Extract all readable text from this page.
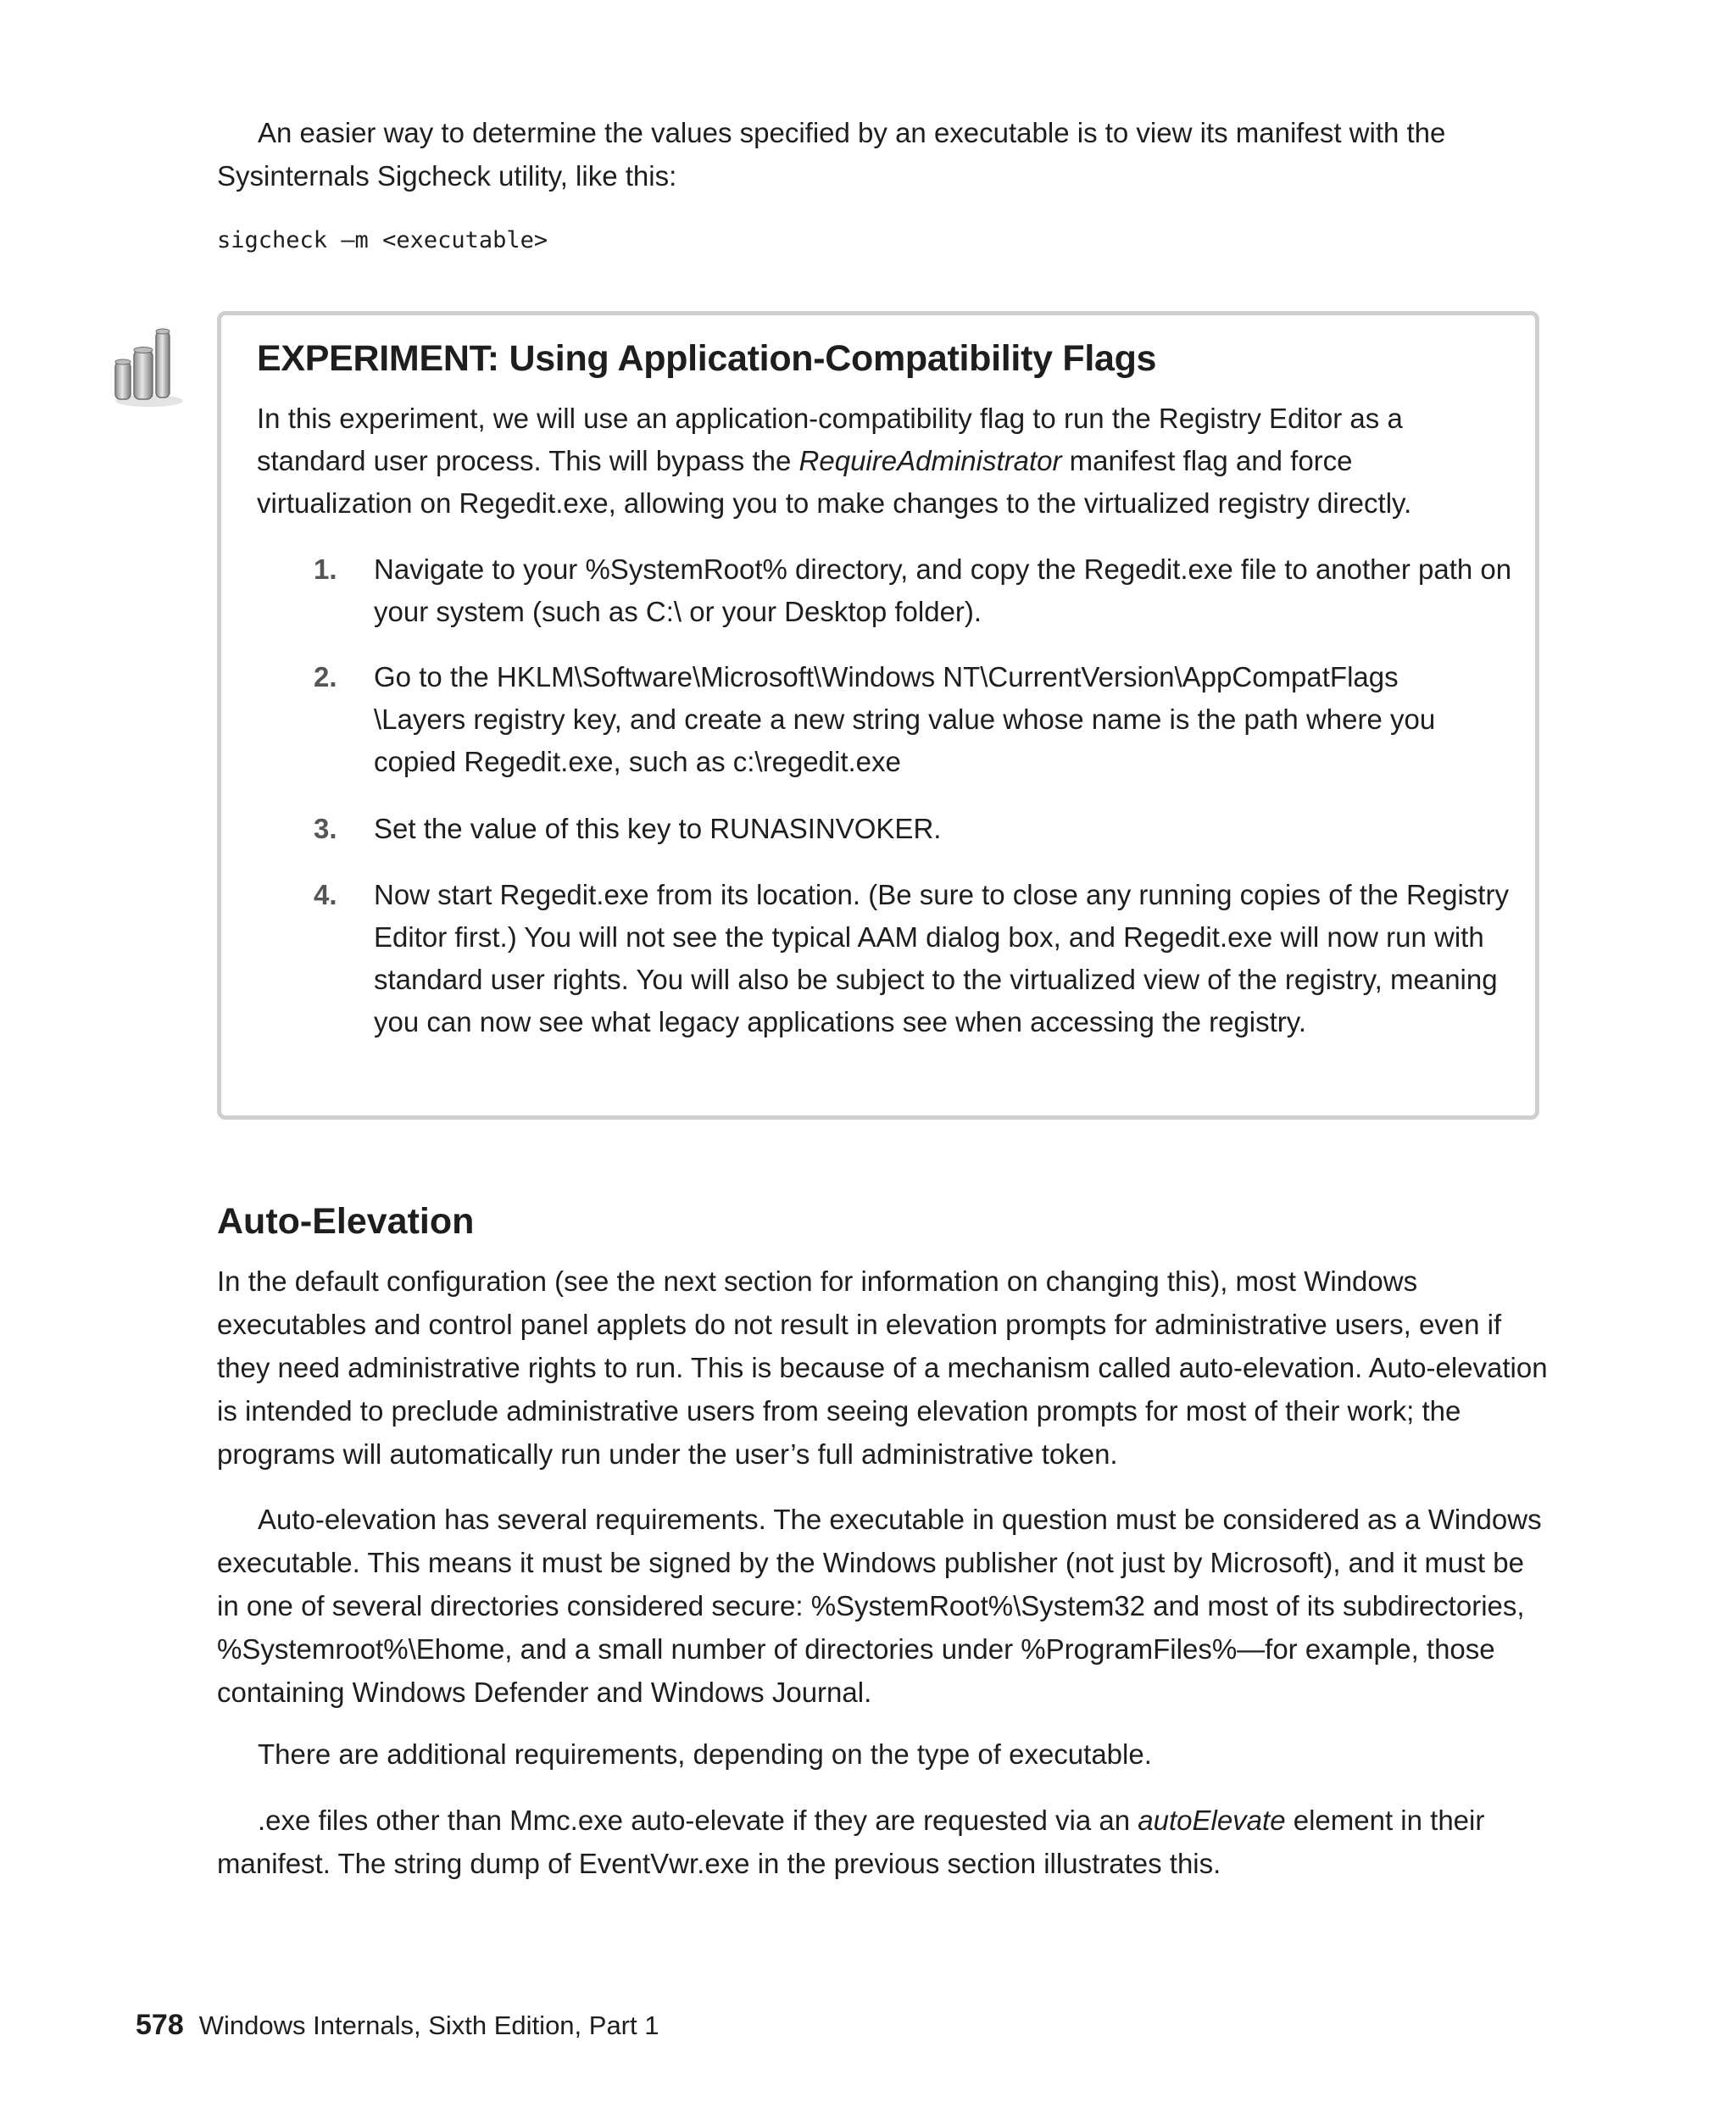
An easier way to determine the values specified by an executable is to view its manifest with the Sysinternals Sigcheck utility, like this:

sigcheck –m <executable>
EXPERIMENT: Using Application-Compatibility Flags

In this experiment, we will use an application-compatibility flag to run the Registry Editor as a standard user process. This will bypass the RequireAdministrator manifest flag and force virtualization on Regedit.exe, allowing you to make changes to the virtualized registry directly.

1.	Navigate to your %SystemRoot% directory, and copy the Regedit.exe file to another path on your system (such as C:\ or your Desktop folder).

2.	Go to the HKLM\Software\Microsoft\Windows NT\CurrentVersion\AppCompatFlags \Layers registry key, and create a new string value whose name is the path where you copied Regedit.exe, such as c:\regedit.exe

3.	Set the value of this key to RUNASINVOKER.

4.	Now start Regedit.exe from its location. (Be sure to close any running copies of the Registry Editor first.) You will not see the typical AAM dialog box, and Regedit.exe will now run with standard user rights. You will also be subject to the virtualized view of the registry, meaning you can now see what legacy applications see when accessing the registry.

Auto-Elevation

In the default configuration (see the next section for information on changing this), most Windows executables and control panel applets do not result in elevation prompts for administrative users, even if they need administrative rights to run. This is because of a mechanism called auto-elevation. Auto-elevation is intended to preclude administrative users from seeing elevation prompts for most of their work; the programs will automatically run under the user’s full administrative token.

Auto-elevation has several requirements. The executable in question must be considered as a Windows executable. This means it must be signed by the Windows publisher (not just by Microsoft), and it must be in one of several directories considered secure: %SystemRoot%\System32 and most of its subdirectories, %Systemroot%\Ehome, and a small number of directories under %ProgramFiles%—for example, those containing Windows Defender and Windows Journal.

There are additional requirements, depending on the type of executable.

.exe files other than Mmc.exe auto-elevate if they are requested via an autoElevate element in their manifest. The string dump of EventVwr.exe in the previous section illustrates this.

578 Windows Internals, Sixth Edition, Part 1
